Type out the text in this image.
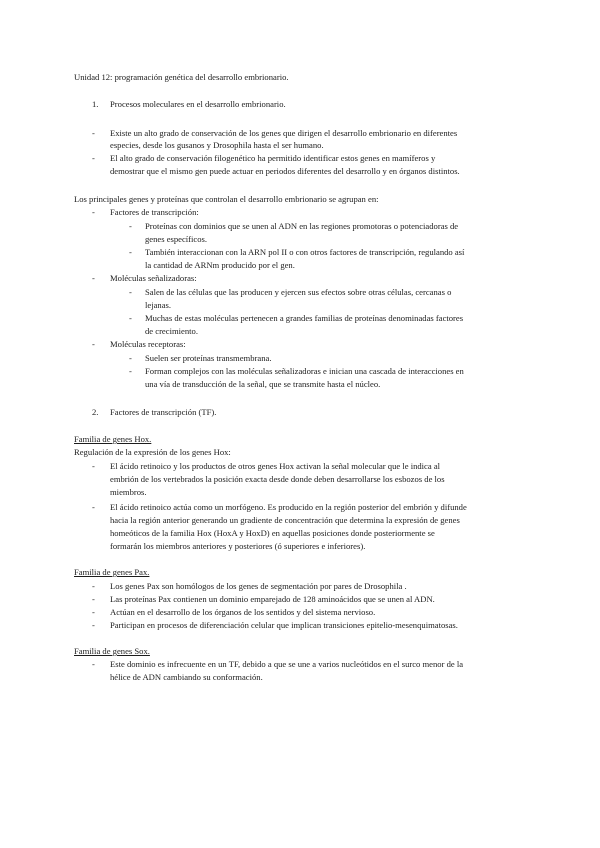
Unidad 12: programación genética del desarrollo embrionario.
1. Procesos moleculares en el desarrollo embrionario.
- Existe un alto grado de conservación de los genes que dirigen el desarrollo embrionario en diferentes
especies, desde los gusanos y Drosophila hasta el ser humano.
- El alto grado de conservación filogenético ha permitido identificar estos genes en mamíferos y
demostrar que el mismo gen puede actuar en periodos diferentes del desarrollo y en órganos distintos.
Los principales genes y proteínas que controlan el desarrollo embrionario se agrupan en:
- Factores de transcripción:
- Proteínas con dominios que se unen al ADN en las regiones promotoras o potenciadoras de
genes específicos.
- También interaccionan con la ARN pol II o con otros factores de transcripción, regulando así
la cantidad de ARNm producido por el gen.
- Moléculas señalizadoras:
- Salen de las células que las producen y ejercen sus efectos sobre otras células, cercanas o
lejanas.
- Muchas de estas moléculas pertenecen a grandes familias de proteínas denominadas factores
de crecimiento.
- Moléculas receptoras:
- Suelen ser proteínas transmembrana.
- Forman complejos con las moléculas señalizadoras e inician una cascada de interacciones en
una vía de transducción de la señal, que se transmite hasta el núcleo.
2. Factores de transcripción (TF).
Familia de genes Hox.
Regulación de la expresión de los genes Hox:
- El ácido retinoico y los productos de otros genes Hox activan la señal molecular que le indica al
embrión de los vertebrados la posición exacta desde donde deben desarrollarse los esbozos de los
miembros.
- El ácido retinoico actúa como un morfógeno. Es producido en la región posterior del embrión y difunde
hacia la región anterior generando un gradiente de concentración que determina la expresión de genes
homeóticos de la familia Hox (HoxA y HoxD) en aquellas posiciones donde posteriormente se
formarán los miembros anteriores y posteriores (ó superiores e inferiores).
Familia de genes Pax.
- Los genes Pax son homólogos de los genes de segmentación por pares de Drosophila .
- Las proteínas Pax contienen un dominio emparejado de 128 aminoácidos que se unen al ADN.
- Actúan en el desarrollo de los órganos de los sentidos y del sistema nervioso.
- Participan en procesos de diferenciación celular que implican transiciones epitelio-mesenquimatosas.
Familia de genes Sox.
- Este dominio es infrecuente en un TF, debido a que se une a varios nucleótidos en el surco menor de la
hélice de ADN cambiando su conformación.
